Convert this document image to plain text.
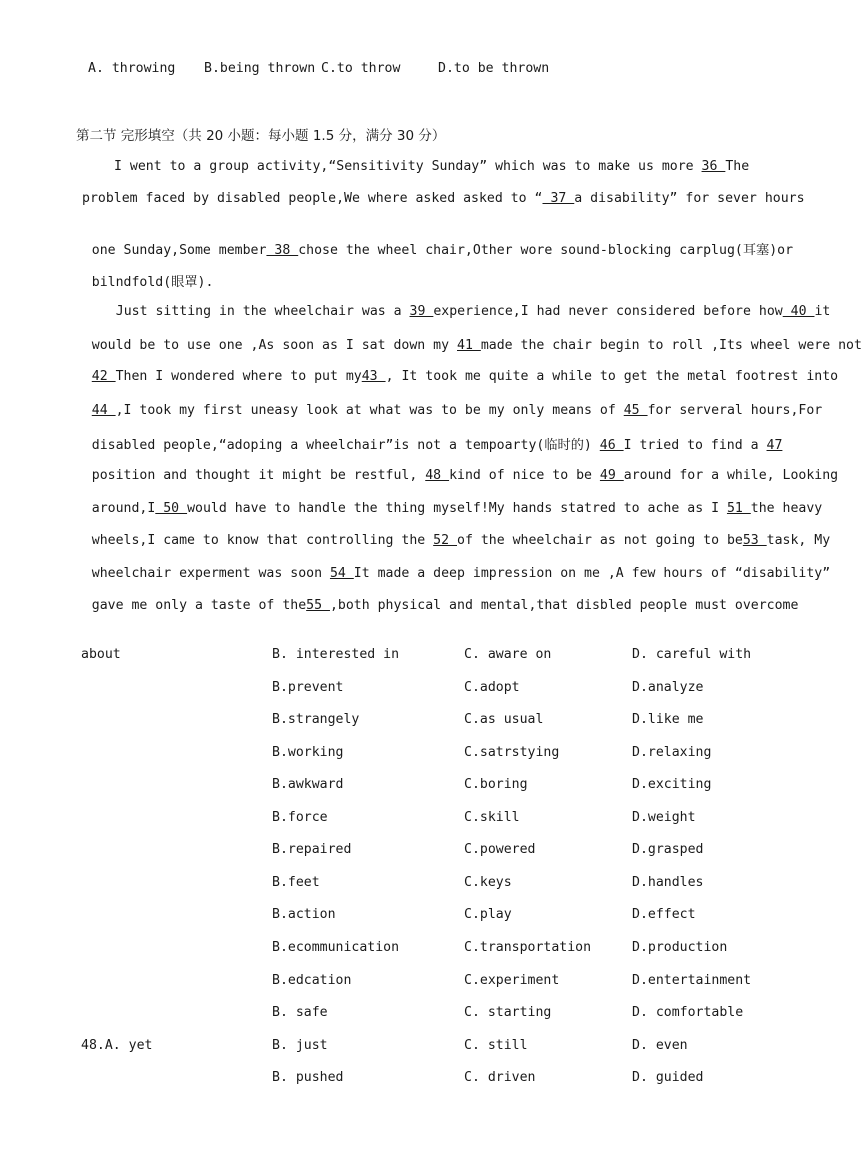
A. throwing B.being thrown C.to throw	D.to be thrown
第二节 完形填空（共 20 小题：每小题 1.5 分，满分 30 分）
I went to a group activity,“Sensitivity Sunday” which was to make us more 36 The
problem faced by disabled people,We where asked asked to “ 37 a disability” for sever hours

one Sunday,Some member 38 chose the wheel chair,Other wore sound-blocking carplug(耳塞)or

bilndfold(眼罩).

Just sitting in the wheelchair was a 39 experience,I had never considered before how 40 it

would be to use one ,As soon as I sat down my 41 made the chair begin to roll ,Its wheel were not

42 Then I wondered where to put my43 , It took me quite a while to get the metal footrest into

44 ,I took my first uneasy look at what was to be my only means of 45 for serveral hours,For

disabled people,“adoping a wheelchair”is not a tempoarty(临时的) 46 I tried to find a 47

position and thought it might be restful, 48 kind of nice to be 49 around for a while, Looking

around,I 50 would have to handle the thing myself!My hands statred to ache as I 51 the heavy

wheels,I came to know that controlling the 52 of the wheelchair as not going to be53 task, My

wheelchair experment was soon 54 It made a deep impression on me ,A few hours of “disability”

gave me only a taste of the55 ,both physical and mental,that disbled people must overcome

about	B. interested in	C. aware on	D. careful with
B.prevent	C.adopt	D.analyze
B.strangely	C.as usual	D.like me
B.working	C.satrstying	D.relaxing
B.awkward	C.boring	D.exciting
B.force	C.skill	D.weight
B.repaired	C.powered	D.grasped
B.feet	C.keys	D.handles
B.action	C.play	D.effect
B.ecommunication	C.transportation	D.production
B.edcation	C.experiment	D.entertainment
B. safe	C. starting	D. comfortable
48.A. yet	B. just	C. still	D. even
B. pushed	C. driven	D. guided
